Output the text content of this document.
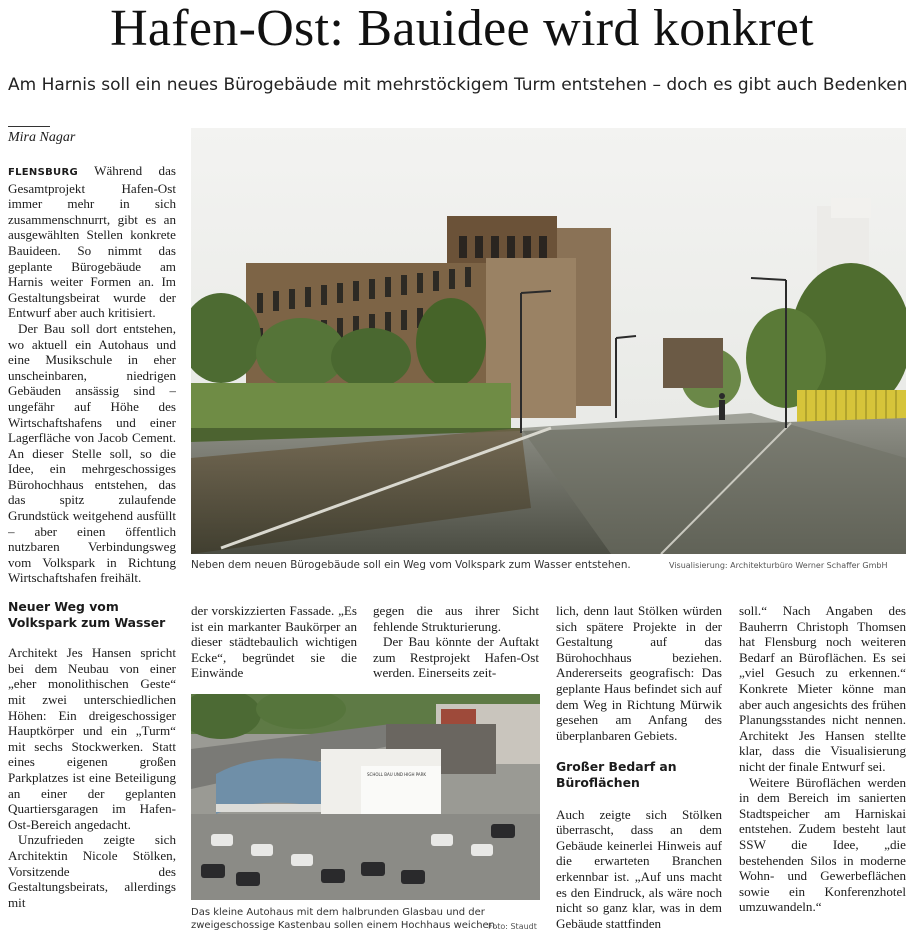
Hafen-Ost: Bauidee wird konkret
Am Harnis soll ein neues Bürogebäude mit mehrstöckigem Turm entstehen – doch es gibt auch Bedenken
Mira Nagar

FLENSBURG Während das Gesamtprojekt Hafen-Ost immer mehr in sich zusammenschnurrt, gibt es an ausgewählten Stellen konkrete Bauideen. So nimmt das geplante Bürogebäude am Harnis weiter Formen an. Im Gestaltungsbeirat wurde der Entwurf aber auch kritisiert.

Der Bau soll dort entstehen, wo aktuell ein Autohaus und eine Musikschule in eher unscheinbaren, niedrigen Gebäuden ansässig sind – ungefähr auf Höhe des Wirtschaftshafens und einer Lagerfläche von Jacob Cement. An dieser Stelle soll, so die Idee, ein mehrgeschossiges Bürohochhaus entstehen, das das spitz zulaufende Grundstück weitgehend ausfüllt – aber einen öffentlich nutzbaren Verbindungsweg vom Volkspark in Richtung Wirtschaftshafen freihält.

Neuer Weg vom Volkspark zum Wasser

Architekt Jes Hansen spricht bei dem Neubau von einer „eher monolithischen Geste“ mit zwei unterschiedlichen Höhen: Ein dreigeschossiger Hauptkörper und ein „Turm“ mit sechs Stockwerken. Statt eines eigenen großen Parkplatzes ist eine Beteiligung an einer der geplanten Quartiersgaragen im Hafen-Ost-Bereich angedacht.

Unzufrieden zeigte sich Architektin Nicole Stölken, Vorsitzende des Gestaltungsbeirats, allerdings mit

Neben dem neuen Bürogebäude soll ein Weg vom Volkspark zum Wasser entstehen.	Visualisierung: Architekturbüro Werner Schaffer GmbH

der vorskizzierten Fassade. „Es ist ein markanter Baukörper an dieser städtebaulich wichtigen Ecke“, begründet sie die Einwände

gegen die aus ihrer Sicht fehlende Strukturierung.

Der Bau könnte der Auftakt zum Restprojekt Hafen-Ost werden. Einerseits zeit-

SCHOLL BAU UND HIGH PARK
Das kleine Autohaus mit dem halbrunden Glasbau und der zweigeschossige Kastenbau sollen einem Hochhaus weichen.
Foto: Staudt

lich, denn laut Stölken würden sich spätere Projekte in der Gestaltung auf das Bürohochhaus beziehen. Andererseits geografisch: Das geplante Haus befindet sich auf dem Weg in Richtung Mürwik gesehen am Anfang des überplanbaren Gebiets.

Großer Bedarf an Büroflächen

Auch zeigte sich Stölken überrascht, dass an dem Gebäude keinerlei Hinweis auf die erwarteten Branchen erkennbar ist. „Auf uns macht es den Eindruck, als wäre noch nicht so ganz klar, was in dem Gebäude stattfinden

soll.“ Nach Angaben des Bauherrn Christoph Thomsen hat Flensburg noch weiteren Bedarf an Büroflächen. Es sei „viel Gesuch zu erkennen.“ Konkrete Mieter könne man aber auch angesichts des frühen Planungsstandes nicht nennen. Architekt Jes Hansen stellte klar, dass die Visualisierung nicht der finale Entwurf sei.

Weitere Büroflächen werden in dem Bereich im sanierten Stadtspeicher am Harniskai entstehen. Zudem besteht laut SSW die Idee, „die bestehenden Silos in moderne Wohn- und Gewerbeflächen sowie ein Konferenzhotel umzuwandeln.“
